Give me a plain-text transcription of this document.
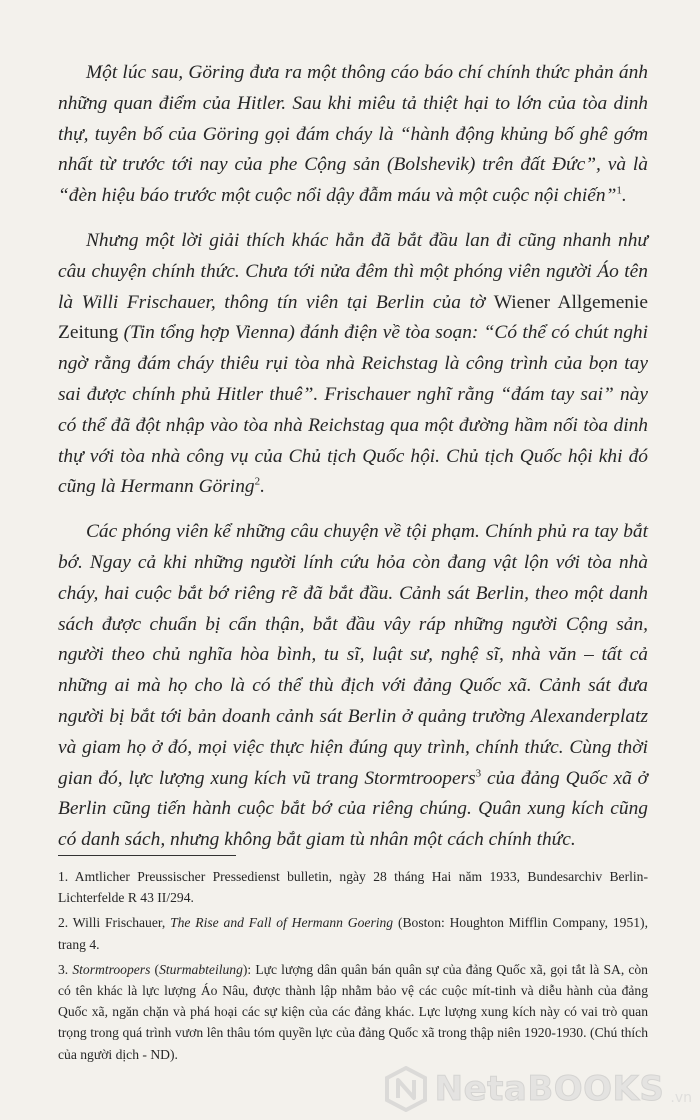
Một lúc sau, Göring đưa ra một thông cáo báo chí chính thức phản ánh những quan điểm của Hitler. Sau khi miêu tả thiệt hại to lớn của tòa dinh thự, tuyên bố của Göring gọi đám cháy là “hành động khủng bố ghê gớm nhất từ trước tới nay của phe Cộng sản (Bolshevik) trên đất Đức”, và là “đèn hiệu báo trước một cuộc nổi dậy đẫm máu và một cuộc nội chiến”$^1$.

Nhưng một lời giải thích khác hẳn đã bắt đầu lan đi cũng nhanh như câu chuyện chính thức. Chưa tới nửa đêm thì một phóng viên người Áo tên là Willi Frischauer, thông tín viên tại Berlin của tờ Wiener Allgemenie Zeitung (Tin tổng hợp Vienna) đánh điện về tòa soạn: “Có thể có chút nghi ngờ rằng đám cháy thiêu rụi tòa nhà Reichstag là công trình của bọn tay sai được chính phủ Hitler thuê”. Frischauer nghĩ rằng “đám tay sai” này có thể đã đột nhập vào tòa nhà Reichstag qua một đường hầm nối tòa dinh thự với tòa nhà công vụ của Chủ tịch Quốc hội. Chủ tịch Quốc hội khi đó cũng là Hermann Göring$^2$.

Các phóng viên kể những câu chuyện về tội phạm. Chính phủ ra tay bắt bớ. Ngay cả khi những người lính cứu hỏa còn đang vật lộn với tòa nhà cháy, hai cuộc bắt bớ riêng rẽ đã bắt đầu. Cảnh sát Berlin, theo một danh sách được chuẩn bị cẩn thận, bắt đầu vây ráp những người Cộng sản, người theo chủ nghĩa hòa bình, tu sĩ, luật sư, nghệ sĩ, nhà văn – tất cả những ai mà họ cho là có thể thù địch với đảng Quốc xã. Cảnh sát đưa người bị bắt tới bản doanh cảnh sát Berlin ở quảng trường Alexanderplatz và giam họ ở đó, mọi việc thực hiện đúng quy trình, chính thức. Cùng thời gian đó, lực lượng xung kích vũ trang Stormtroopers$^3$ của đảng Quốc xã ở Berlin cũng tiến hành cuộc bắt bớ của riêng chúng. Quân xung kích cũng có danh sách, nhưng không bắt giam tù nhân một cách chính thức.

1. Amtlicher Preussischer Pressedienst bulletin, ngày 28 tháng Hai năm 1933, Bundesarchiv Berlin-Lichterfelde R 43 II/294.

2. Willi Frischauer, The Rise and Fall of Hermann Goering (Boston: Houghton Mifflin Company, 1951), trang 4.

3. Stormtroopers (Sturmabteilung): Lực lượng dân quân bán quân sự của đảng Quốc xã, gọi tắt là SA, còn có tên khác là lực lượng Áo Nâu, được thành lập nhằm bảo vệ các cuộc mít-tinh và diễu hành của đảng Quốc xã, ngăn chặn và phá hoại các sự kiện của các đảng khác. Lực lượng xung kích này có vai trò quan trọng trong quá trình vươn lên thâu tóm quyền lực của đảng Quốc xã trong thập niên 1920-1930. (Chú thích của người dịch - ND).

NetaBOOKS .vn
